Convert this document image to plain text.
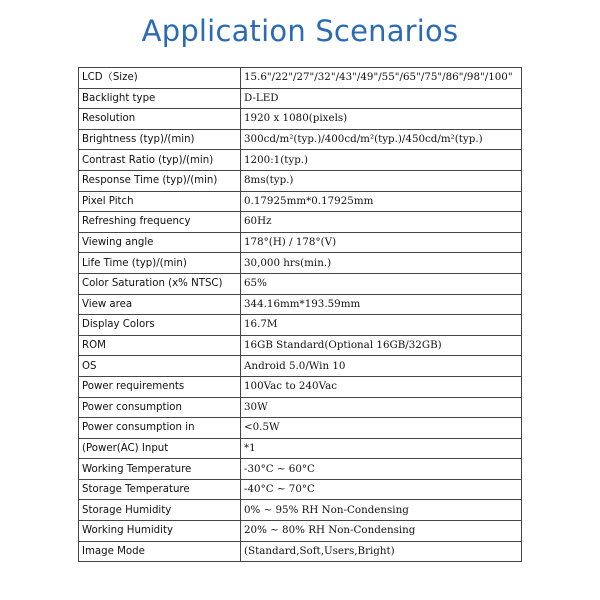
Application Scenarios
LCD（Size)	15.6"/22"/27"/32"/43"/49"/55"/65"/75"/86"/98"/100"
Backlight type	D-LED
Resolution	1920 x 1080(pixels)
Brightness (typ)/(min)	300cd/m²(typ.)/400cd/m²(typ.)/450cd/m²(typ.)
Contrast Ratio (typ)/(min)	1200:1(typ.)
Response Time (typ)/(min)	8ms(typ.)
Pixel Pitch	0.17925mm*0.17925mm
Refreshing frequency	60Hz
Viewing angle	178°(H) / 178°(V)
Life Time (typ)/(min)	30,000 hrs(min.)
Color Saturation (x% NTSC)	65%
View area	344.16mm*193.59mm
Display Colors	16.7M
ROM	16GB Standard(Optional 16GB/32GB)
OS	Android 5.0/Win 10
Power requirements	100Vac to 240Vac
Power consumption	30W
Power consumption in	<0.5W
(Power(AC) Input	*1
Working Temperature	-30°C ~ 60°C
Storage Temperature	-40°C ~ 70°C
Storage Humidity	0% ~ 95% RH Non-Condensing
Working Humidity	20% ~ 80% RH Non-Condensing
Image Mode	(Standard,Soft,Users,Bright)
